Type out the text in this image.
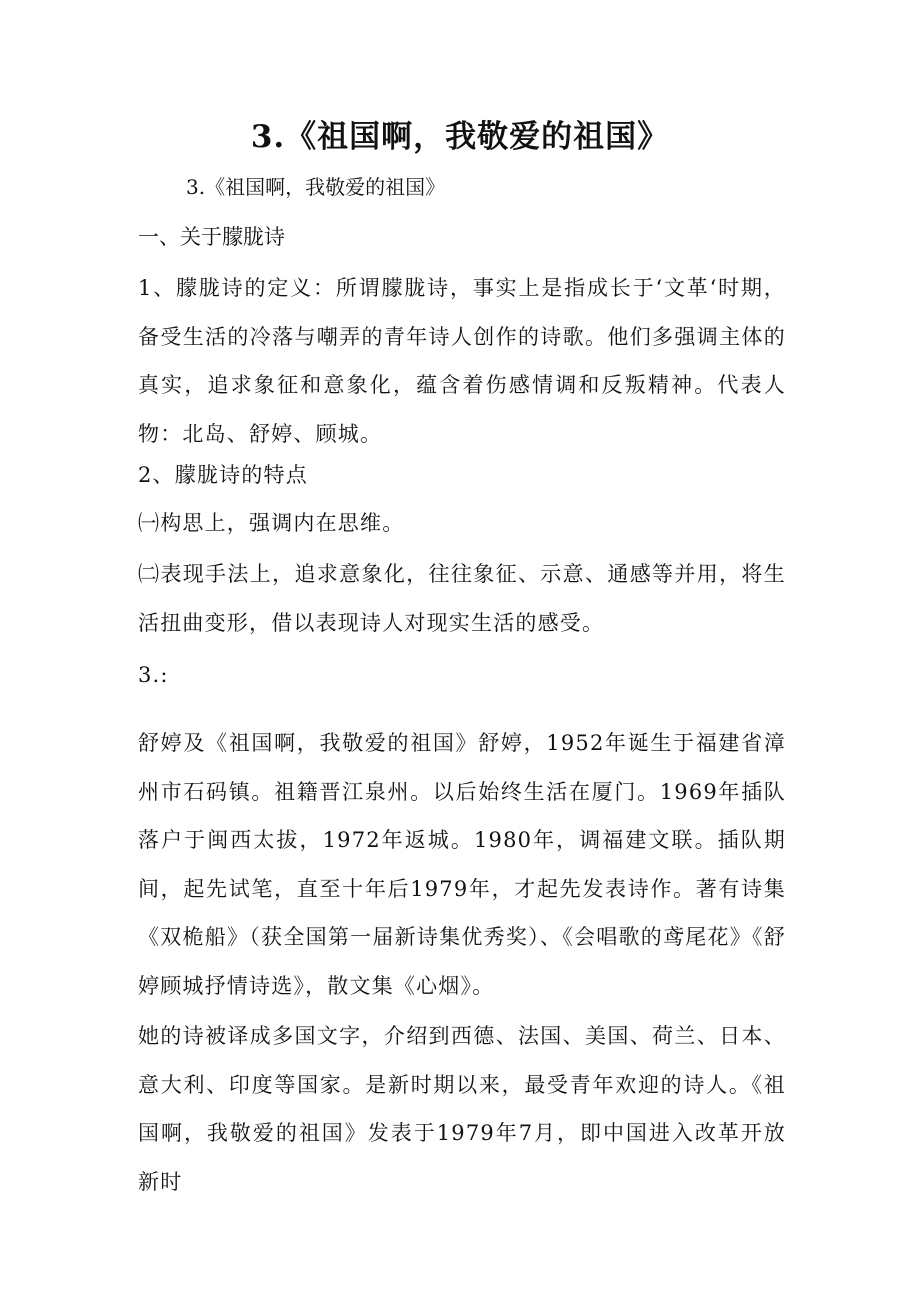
3.《祖国啊，我敬爱的祖国》
3.《祖国啊，我敬爱的祖国》
一、关于朦胧诗

1、朦胧诗的定义：所谓朦胧诗，事实上是指成长于‘文革‘时期，备受生活的冷落与嘲弄的青年诗人创作的诗歌。他们多强调主体的真实，追求象征和意象化，蕴含着伤感情调和反叛精神。代表人物：北岛、舒婷、顾城。

2、朦胧诗的特点
㈠构思上，强调内在思维。

㈡表现手法上，追求意象化，往往象征、示意、通感等并用，将生活扭曲变形，借以表现诗人对现实生活的感受。

3.:

舒婷及《祖国啊，我敬爱的祖国》舒婷，1952年诞生于福建省漳州市石码镇。祖籍晋江泉州。以后始终生活在厦门。1969年插队落户于闽西太拔，1972年返城。1980年，调福建文联。插队期间，起先试笔，直至十年后1979年，才起先发表诗作。著有诗集《双桅船》（获全国第一届新诗集优秀奖）、《会唱歌的鸢尾花》《舒婷顾城抒情诗选》，散文集《心烟》。

她的诗被译成多国文字，介绍到西德、法国、美国、荷兰、日本、意大利、印度等国家。是新时期以来，最受青年欢迎的诗人。《祖国啊，我敬爱的祖国》发表于1979年7月，即中国进入改革开放新时
